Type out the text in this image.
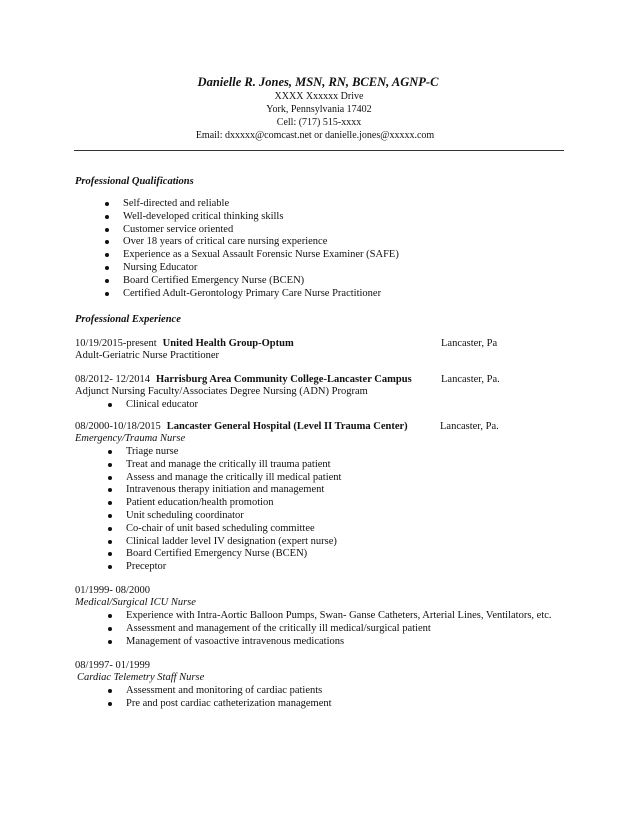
Danielle R. Jones, MSN, RN, BCEN, AGNP-C
XXXX Xxxxxx Drive
York, Pennsylvania 17402
Cell: (717) 515-xxxx
Email: dxxxxx@comcast.net or danielle.jones@xxxxx.com
Professional Qualifications
Self-directed and reliable
Well-developed critical thinking skills
Customer service oriented
Over 18 years of critical care nursing experience
Experience as a Sexual Assault Forensic Nurse Examiner (SAFE)
Nursing Educator
Board Certified Emergency Nurse (BCEN)
Certified Adult-Gerontology Primary Care Nurse Practitioner
Professional Experience
10/19/2015-present United Health Group-Optum	Lancaster, Pa
Adult-Geriatric Nurse Practitioner
08/2012- 12/2014 Harrisburg Area Community College-Lancaster Campus	Lancaster, Pa.
Adjunct Nursing Faculty/Associates Degree Nursing (ADN) Program
Clinical educator
08/2000-10/18/2015 Lancaster General Hospital (Level II Trauma Center)	Lancaster, Pa.
Emergency/Trauma Nurse
Triage nurse
Treat and manage the critically ill trauma patient
Assess and manage the critically ill medical patient
Intravenous therapy initiation and management
Patient education/health promotion
Unit scheduling coordinator
Co-chair of unit based scheduling committee
Clinical ladder level IV designation (expert nurse)
Board Certified Emergency Nurse (BCEN)
Preceptor
01/1999- 08/2000
Medical/Surgical ICU Nurse
Experience with Intra-Aortic Balloon Pumps, Swan- Ganse Catheters, Arterial Lines, Ventilators, etc.
Assessment and management of the critically ill medical/surgical patient
Management of vasoactive intravenous medications
08/1997- 01/1999
Cardiac Telemetry Staff Nurse
Assessment and monitoring of cardiac patients
Pre and post cardiac catheterization management
